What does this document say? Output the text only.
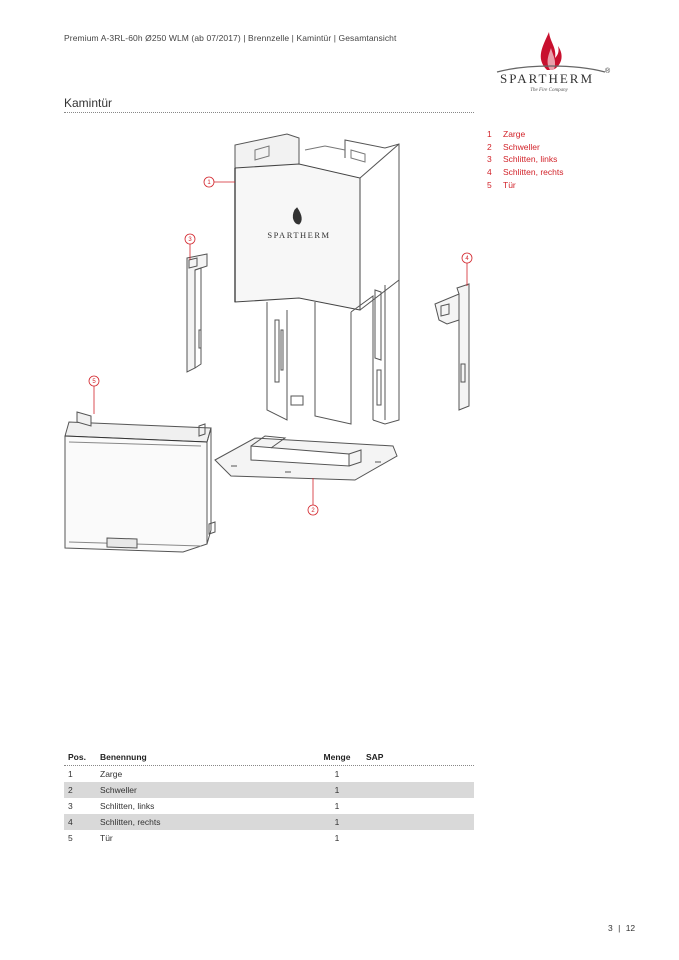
Premium A-3RL-60h Ø250 WLM (ab 07/2017) | Brennzelle | Kamintür | Gesamtansicht
SPARTHERM	®
The Fire Company
Kamintür
1	Zarge
2	Schweller
3	Schlitten, links
4	Schlitten, rechts
5	Tür
SPARTHERM
1
2
3
4
5
Pos.	Benennung	Menge	SAP
1	Zarge	1
2	Schweller	1
3	Schlitten, links	1
4	Schlitten, rechts	1
5	Tür	1
3 | 12
